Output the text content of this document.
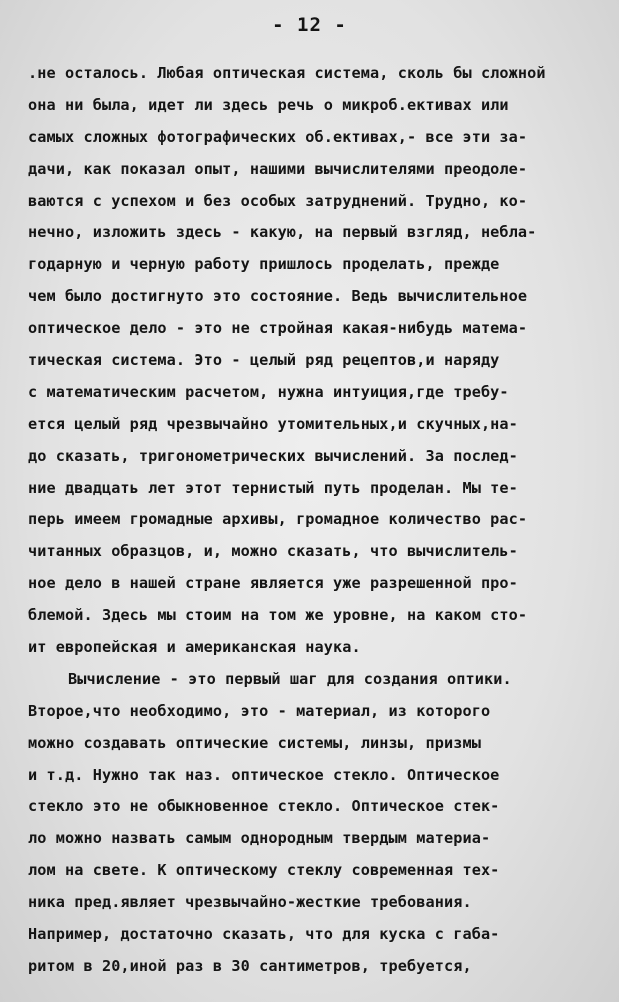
- 12 -
.не осталось. Любая оптическая система, сколь бы сложной
она ни была, идет ли здесь речь о микроб.ективах или
самых сложных фотографических об.ективах,- все эти за-
дачи, как показал опыт, нашими вычислителями преодоле-
ваются с успехом и без особых затруднений. Трудно, ко-
нечно, изложить здесь - какую, на первый взгляд, небла-
годарную и черную работу пришлось проделать, прежде
чем было достигнуто это состояние. Ведь вычислительное
оптическое дело - это не стройная какая-нибудь матема-
тическая система. Это - целый ряд рецептов,и наряду
с математическим расчетом, нужна интуиция,где требу-
ется целый ряд чрезвычайно утомительных,и скучных,на-
до сказать, тригонометрических вычислений. За послед-
ние двадцать лет этот тернистый путь проделан. Мы те-
перь имеем громадные архивы, громадное количество рас-
читанных образцов, и, можно сказать, что вычислитель-
ное дело в нашей стране является уже разрешенной про-
блемой. Здесь мы стоим на том же уровне, на каком сто-
ит европейская и американская наука.
Вычисление - это первый шаг для создания оптики.
Второе,что необходимо, это - материал, из которого
можно создавать оптические системы, линзы, призмы
и т.д. Нужно так наз. оптическое стекло. Оптическое
стекло это не обыкновенное стекло. Оптическое стек-
ло можно назвать самым однородным твердым материа-
лом на свете. К оптическому стеклу современная тех-
ника пред.являет чрезвычайно-жесткие требования.
Например, достаточно сказать, что для куска с габа-
ритом в 20,иной раз в 30 сантиметров, требуется,
